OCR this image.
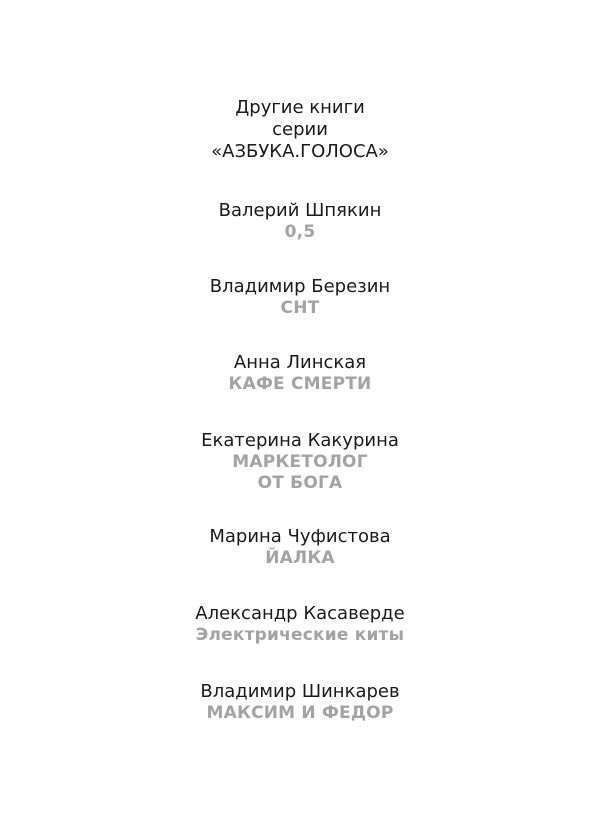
Другие книги
серии
«АЗБУКА.ГОЛОСА»
Валерий Шпякин
0,5
Владимир Березин
СНТ
Анна Линская
КАФЕ СМЕРТИ
Екатерина Какурина
МАРКЕТОЛОГ
ОТ БОГА
Марина Чуфистова
ЙАЛКА
Александр Касаверде
Электрические киты
Владимир Шинкарев
МАКСИМ И ФЕДОР
